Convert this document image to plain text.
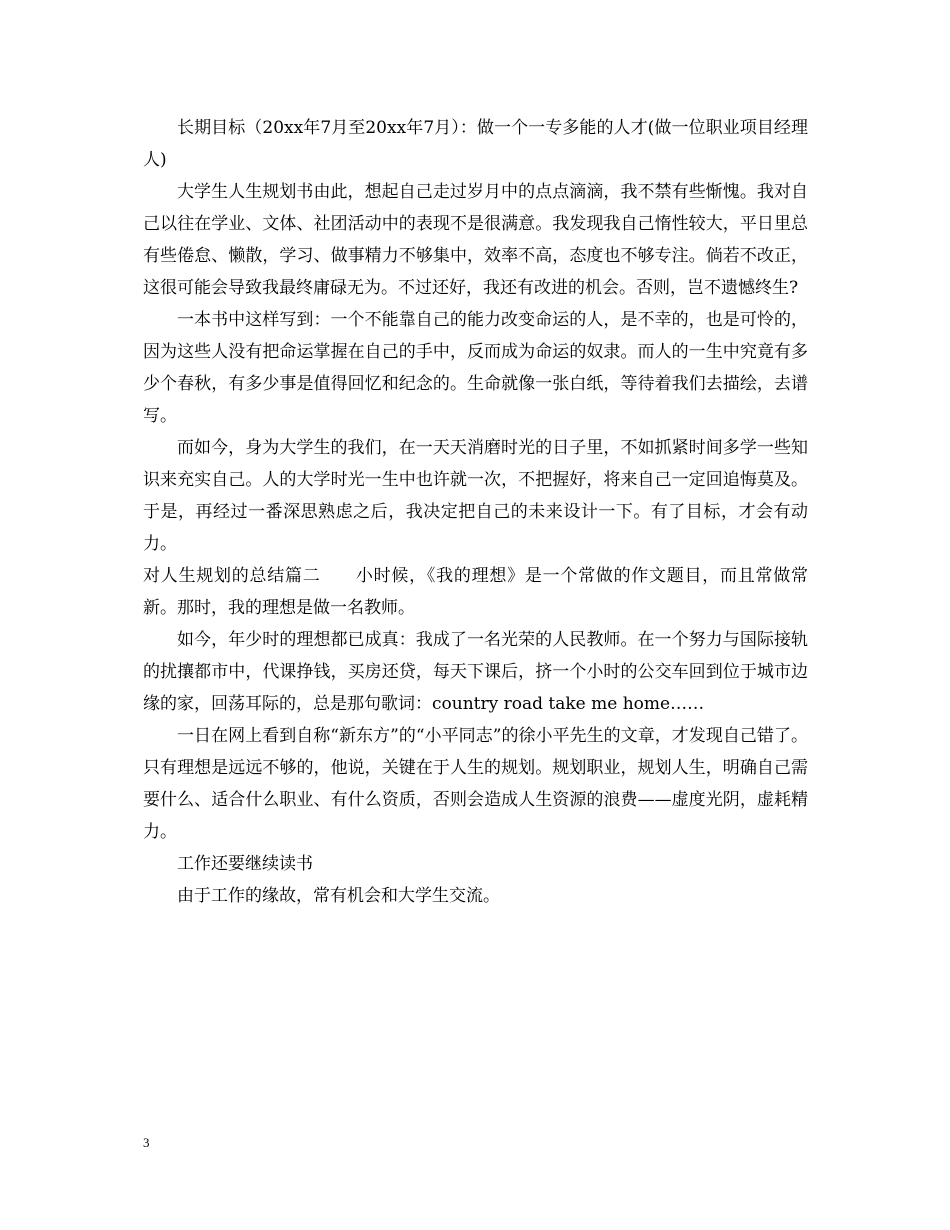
长期目标（20xx年7月至20xx年7月）：做一个一专多能的人才(做一位职业项目经理人)

大学生人生规划书由此，想起自己走过岁月中的点点滴滴，我不禁有些惭愧。我对自己以往在学业、文体、社团活动中的表现不是很满意。我发现我自己惰性较大，平日里总有些倦怠、懒散，学习、做事精力不够集中，效率不高，态度也不够专注。倘若不改正，这很可能会导致我最终庸碌无为。不过还好，我还有改进的机会。否则，岂不遗憾终生?

一本书中这样写到：一个不能靠自己的能力改变命运的人，是不幸的，也是可怜的，因为这些人没有把命运掌握在自己的手中，反而成为命运的奴隶。而人的一生中究竟有多少个春秋，有多少事是值得回忆和纪念的。生命就像一张白纸，等待着我们去描绘，去谱写。

而如今，身为大学生的我们，在一天天消磨时光的日子里，不如抓紧时间多学一些知识来充实自己。人的大学时光一生中也许就一次，不把握好，将来自己一定回追悔莫及。于是，再经过一番深思熟虑之后，我决定把自己的未来设计一下。有了目标，才会有动力。

对人生规划的总结篇二　　小时候，《我的理想》是一个常做的作文题目，而且常做常新。那时，我的理想是做一名教师。

如今，年少时的理想都已成真：我成了一名光荣的人民教师。在一个努力与国际接轨的扰攘都市中，代课挣钱，买房还贷，每天下课后，挤一个小时的公交车回到位于城市边缘的家，回荡耳际的，总是那句歌词：country road take me home……

一日在网上看到自称“新东方”的“小平同志”的徐小平先生的文章，才发现自己错了。只有理想是远远不够的，他说，关键在于人生的规划。规划职业，规划人生，明确自己需要什么、适合什么职业、有什么资质，否则会造成人生资源的浪费——虚度光阴，虚耗精力。

工作还要继续读书

由于工作的缘故，常有机会和大学生交流。

3
